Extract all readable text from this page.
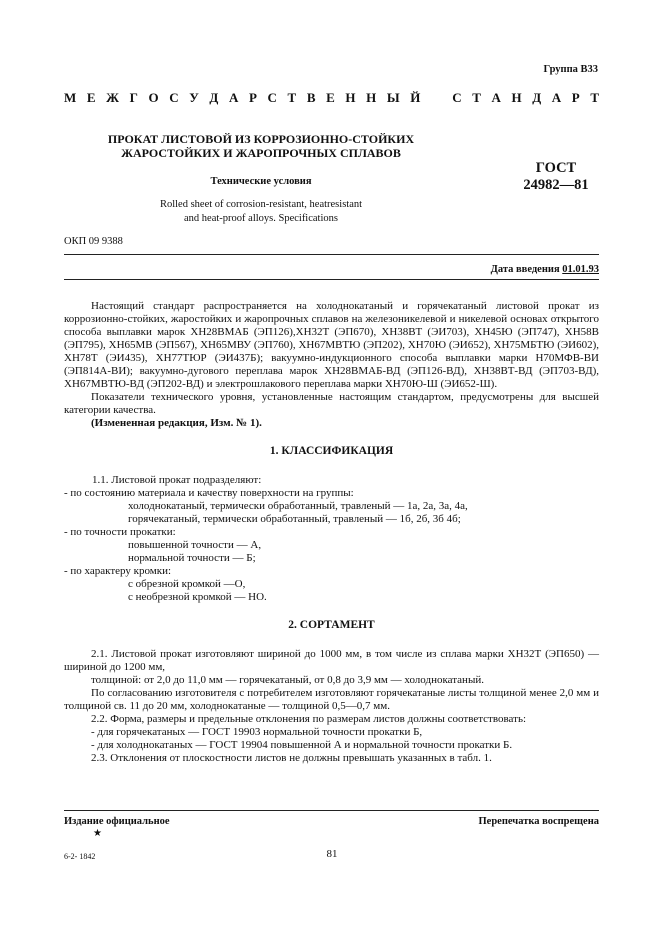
Группа В33
М Е Ж Г О С У Д А Р С Т В Е Н Н Ы Й С Т А Н Д А Р Т
ПРОКАТ ЛИСТОВОЙ ИЗ КОРРОЗИОННО-СТОЙКИХ
ЖАРОСТОЙКИХ И ЖАРОПРОЧНЫХ СПЛАВОВ
Технические условия
Rolled sheet of corrosion-resistant, heatresistant
and heat-proof alloys. Specifications
ГОСТ
24982—81
ОКП 09 9388
Дата введения 01.01.93

Настоящий стандарт распространяется на холоднокатаный и горячекатаный листовой прокат из коррозионно-стойких, жаростойких и жаропрочных сплавов на железоникелевой и никелевой основах открытого способа выплавки марок ХН28ВМАБ (ЭП126),ХН32Т (ЭП670), ХН38ВТ (ЭИ703), ХН45Ю (ЭП747), ХН58В (ЭП795), ХН65МВ (ЭП567), ХН65МВУ (ЭП760), ХН67МВТЮ (ЭП202), ХН70Ю (ЭИ652), ХН75МБТЮ (ЭИ602), ХН78Т (ЭИ435), ХН77ТЮР (ЭИ437Б); вакуумно-индукционного способа выплавки марки Н70МФВ-ВИ (ЭП814А-ВИ); вакуумно-дугового переплава марок ХН28ВМАБ-ВД (ЭП126-ВД), ХН38ВТ-ВД (ЭП703-ВД), ХН67МВТЮ-ВД (ЭП202-ВД) и электрошлакового переплава марки ХН70Ю-Ш (ЭИ652-Ш).

Показатели технического уровня, установленные настоящим стандартом, предусмотрены для высшей категории качества.

(Измененная редакция, Изм. № 1).

1. КЛАССИФИКАЦИЯ
1.1. Листовой прокат подразделяют:
- по состоянию материала и качеству поверхности на группы:
холоднокатаный, термически обработанный, травленый — 1а, 2а, 3а, 4а,
горячекатаный, термически обработанный, травленый — 1б, 2б, 3б 4б;
- по точности прокатки:
повышенной точности — А,
нормальной точности — Б;
- по характеру кромки:
с обрезной кромкой —О,
с необрезной кромкой — НО.
2. СОРТАМЕНТ

2.1. Листовой прокат изготовляют шириной до 1000 мм, в том числе из сплава марки ХН32Т (ЭП650) — шириной до 1200 мм,

толщиной: от 2,0 до 11,0 мм — горячекатаный, от 0,8 до 3,9 мм — холоднокатаный.

По согласованию изготовителя с потребителем изготовляют горячекатаные листы толщиной менее 2,0 мм и толщиной св. 11 до 20 мм, холоднокатаные — толщиной 0,5—0,7 мм.

2.2. Форма, размеры и предельные отклонения по размерам листов должны соответствовать:

- для горячекатаных — ГОСТ 19903 нормальной точности прокатки Б,

- для холоднокатаных — ГОСТ 19904 повышенной А и нормальной точности прокатки Б.

2.3. Отклонения от плоскостности листов не должны превышать указанных в табл. 1.

Издание официальное
★
Перепечатка воспрещена
6-2- 1842	81
